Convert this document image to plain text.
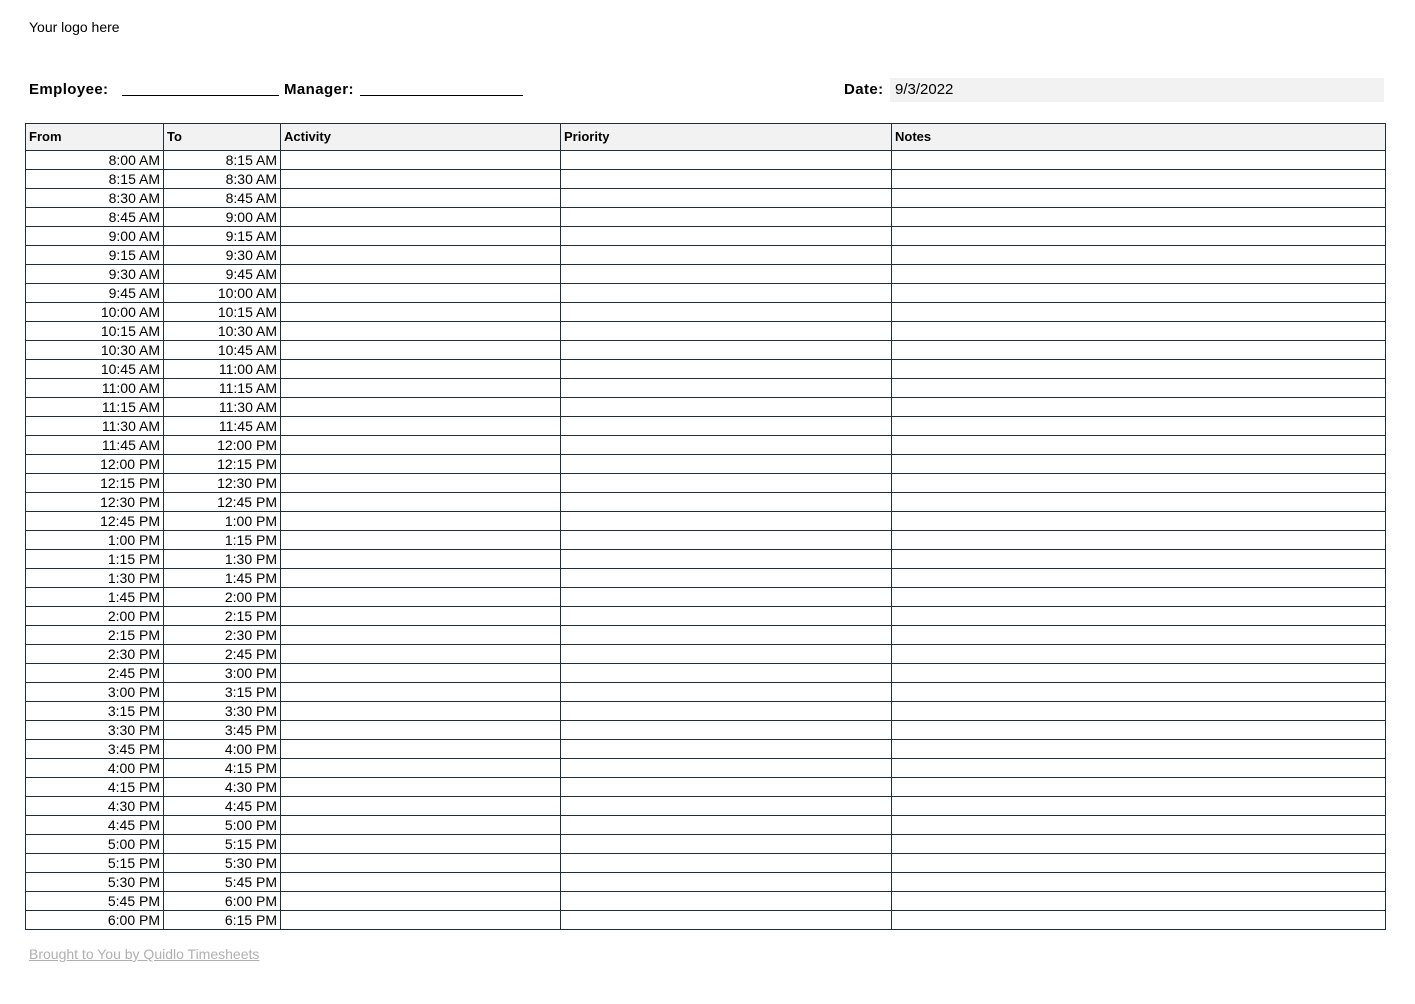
Your logo here
Employee:	Manager:	Date: 9/3/2022
From	To	Activity	Priority	Notes
8:00 AM	8:15 AM			
8:15 AM	8:30 AM			
8:30 AM	8:45 AM			
8:45 AM	9:00 AM			
9:00 AM	9:15 AM			
9:15 AM	9:30 AM			
9:30 AM	9:45 AM			
9:45 AM	10:00 AM			
10:00 AM	10:15 AM			
10:15 AM	10:30 AM			
10:30 AM	10:45 AM			
10:45 AM	11:00 AM			
11:00 AM	11:15 AM			
11:15 AM	11:30 AM			
11:30 AM	11:45 AM			
11:45 AM	12:00 PM			
12:00 PM	12:15 PM			
12:15 PM	12:30 PM			
12:30 PM	12:45 PM			
12:45 PM	1:00 PM			
1:00 PM	1:15 PM			
1:15 PM	1:30 PM			
1:30 PM	1:45 PM			
1:45 PM	2:00 PM			
2:00 PM	2:15 PM			
2:15 PM	2:30 PM			
2:30 PM	2:45 PM			
2:45 PM	3:00 PM			
3:00 PM	3:15 PM			
3:15 PM	3:30 PM			
3:30 PM	3:45 PM			
3:45 PM	4:00 PM			
4:00 PM	4:15 PM			
4:15 PM	4:30 PM			
4:30 PM	4:45 PM			
4:45 PM	5:00 PM			
5:00 PM	5:15 PM			
5:15 PM	5:30 PM			
5:30 PM	5:45 PM			
5:45 PM	6:00 PM			
6:00 PM	6:15 PM			
Brought to You by Quidlo Timesheets
